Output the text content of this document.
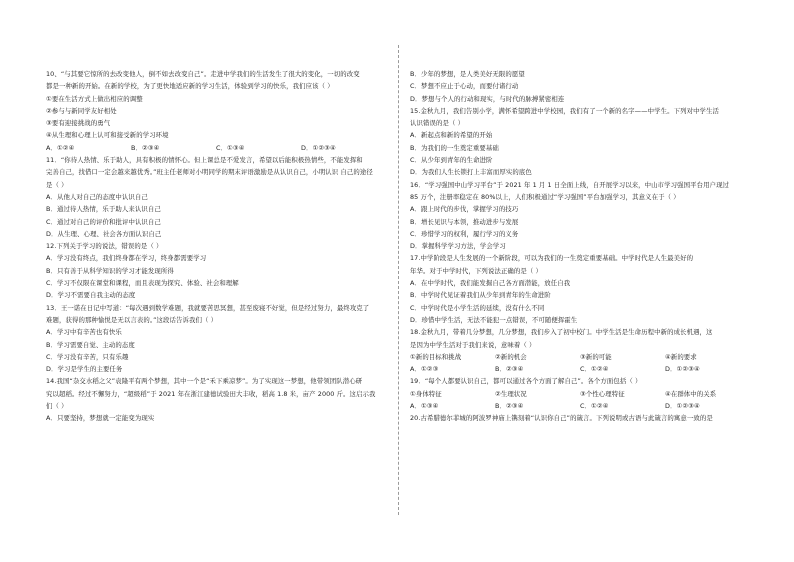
10、“与其要它惊所的去改变他人，倒不如去改变自己”。走进中学我们的生活发生了很大的变化，一切的改变
都是一种新的开始。在新的学校，为了更快地适应新的学习生活，体验到学习的快乐，我们应该（ ）
①要在生活方式上做出相应的调整
②参与与新同学友好相处
③要有迎接挑战的勇气
④从生理和心理上认可和接受新的学习环境
A．①②④	B．②③④	C．①③④	D．①②③④
11．“你待人热情、乐于助人，具有积极的情怀心。但上课总是不爱发言，希望以后能积极热情些，不能发挥和
完善自己，找借口一定会越来越优秀。”班主任老师对小明同学的期末评语激励是从认识自己，小明认识 自己的途径
是（ ）
A．从他人对自己的态度中认识自己
B．通过待人热情，乐于助人来认识自己
C．通过对自己的评价和批评中认识自己
D．从生理、心理、社会各方面认识自己
12.下列关于学习的说法，错误的是（ ）
A．学习没有终点，我们终身都在学习，终身都需要学习
B．只有善于从科学知识的学习才能发现所得
C．学习不仅限在课堂和课程，而且表现为探究、体验、社会和理解
D．学习不需要自我主动的态度
13．王一诺在日记中写道：“每次遇到数学难题，我就要苦思冥想，甚至废寝不好觉，但是经过努力，最终攻克了
难题，获得的那种愉悦是无以言表的。”这段话告诉我们（ ）
A．学习中有辛苦也有快乐
B．学习需要自觉、主动的态度
C．学习没有辛苦，只有乐趣
D．学习是学生的主要任务
14.我国“杂交水稻之父”袁隆平有两个梦想，其中一个是“禾下乘凉梦”。为了实现这一梦想，他带领团队潜心研
究以超稻。经过不懈努力，“超级稻”于 2021 年在浙江建德试验田大丰收，稻高 1.8 米，亩产 2000 斤。这启示我
们（ ）
A．只要坚持，梦想就一定能变为现实
B．少年的梦想，是人类美好无限的愿望
C．梦想不应止于心动，而要付诸行动
D．梦想与个人的行动和现实，与时代的脉搏紧密相连
15.金秋九月，我们告别小学，满怀希望跨进中学校园，我们有了一个新的名字——中学生。下列对中学生活
认识错误的是（ ）
A．新起点和新的希望的开始
B．为我们的一生奠定重要基础
C．从少年到青年的生命进阶
D．为我们人生长锁打上丰富而厚实的底色
16．“学习强国中山学习平台”于 2021 年 1 月 1 日全面上线，自开展学习以来，中山市学习强国平台用户现过
85 万个，注册率稳定在 80%以上，人们积极通过“学习强国”平台加强学习，其意义在于（ ）
A．跟上时代的步伐，掌握学习的技巧
B．增长见识与本领，推动进步与发展
C．珍惜学习的权利，履行学习的义务
D．掌握科学学习方法，学会学习
17.中学阶段是人生发展的一个新阶段，可以为我们的一生奠定重要基础。中学时代是人生最美好的
年华。对于中学时代，下列说法正确的是（ ）
A．在中学时代，我们能发掘自己各方面潜能，放任自我
B．中学时代见证着我们从少年到青年的生命进阶
C．中学时代是小学生活的延续，没有什么不同
D．珍惜中学生活，无法不能犯一点错误，不可随便挥霍生
18.金秋九月，带着几分梦想，几分梦想，我们步入了初中校门。中学生活是生命历程中新的成长机遇，这
是因为中学生活对于我们来说，意味着（ ）
①新的目标和挑战	②新的机会	③新的可能	④新的要求
A．①②③	B．②③④	C．①②④	D．①②③④
19．“每个人都要认识自己，都可以通过各个方面了解自己”。各个方面包括（ ）
①身体特征	②生理状况	③个性心理特征	④在群体中的关系
A．①③④	B．②③④	C．①②④	D．①②③④
20.古希腊德尔菲城的阿波罗神庙上镌刻着“认识你自己”的箴言。下列说明或古语与此箴言的寓意一致的是
